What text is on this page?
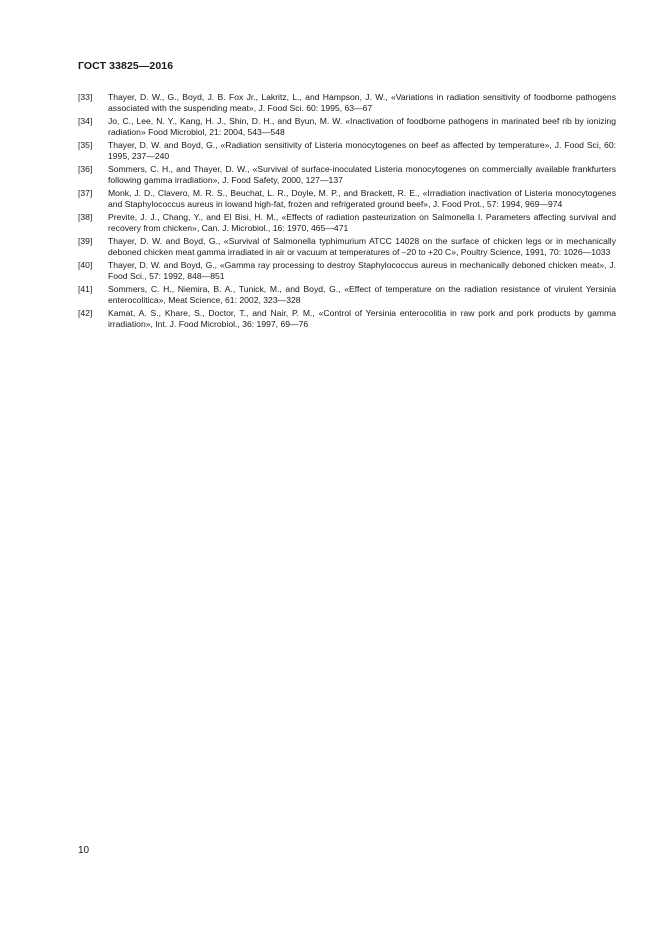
ГОСТ 33825—2016
[33]	Thayer, D. W., G., Boyd, J. B. Fox Jr., Lakritz, L., and Hampson, J. W., «Variations in radiation sensitivity of foodborne pathogens associated with the suspending meat», J. Food Sci. 60: 1995, 63—67
[34]	Jo, C., Lee, N. Y., Kang, H. J., Shin, D. H., and Byun, M. W. «Inactivation of foodborne pathogens in marinated beef rib by ionizing radiation» Food Microbiol, 21: 2004, 543—548
[35]	Thayer, D. W. and Boyd, G., «Radiation sensitivity of Listeria monocytogenes on beef as affected by temperature», J. Food Sci, 60: 1995, 237—240
[36]	Sommers, C. H., and Thayer, D. W., «Survival of surface-inoculated Listeria monocytogenes on commercially available frankfurters following gamma irradiation», J. Food Safety, 2000, 127—137
[37]	Monk, J. D., Clavero, M. R. S., Beuchat, L. R., Doyle, M. P., and Brackett, R. E., «Irradiation inactivation of Listeria monocytogenes and Staphylococcus aureus in lowand high-fat, frozen and refrigerated ground beef», J. Food Prot., 57: 1994, 969—974
[38]	Previte, J. J., Chang, Y., and El Bisi, H. M., «Effects of radiation pasteurization on Salmonella I. Parameters affecting survival and recovery from chicken», Can. J. Microbiol., 16: 1970, 465—471
[39]	Thayer, D. W. and Boyd, G., «Survival of Salmonella typhimurium ATCC 14028 on the surface of chicken legs or in mechanically deboned chicken meat gamma irradiated in air or vacuum at temperatures of –20 to +20 C», Poultry Science, 1991, 70: 1026—1033
[40]	Thayer, D. W. and Boyd, G., «Gamma ray processing to destroy Staphylococcus aureus in mechanically deboned chicken meat», J. Food Sci., 57: 1992, 848—851
[41]	Sommers, C. H., Niemira, B. A., Tunick, M., and Boyd, G., «Effect of temperature on the radiation resistance of virulent Yersinia enterocolitica», Meat Science, 61: 2002, 323—328
[42]	Kamat, A. S., Khare, S., Doctor, T., and Nair, P. M., «Control of Yersinia enterocolitia in raw pork and pork products by gamma irradiation», Int. J. Food Microbiol., 36: 1997, 69—76
10
